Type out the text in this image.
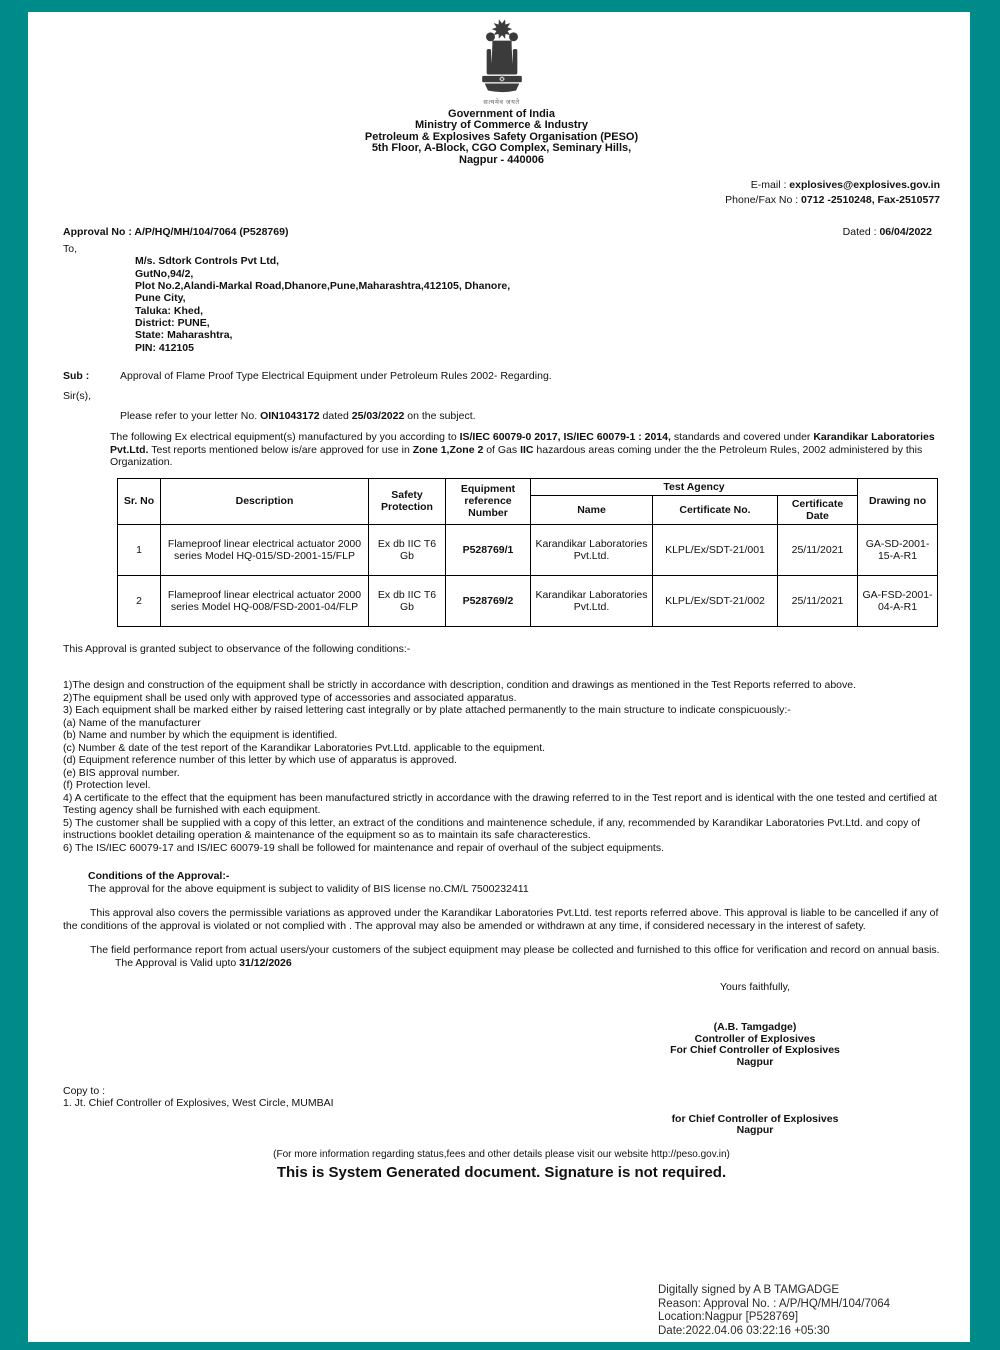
सत्यमेव जयते
Government of India
Ministry of Commerce & Industry
Petroleum & Explosives Safety Organisation (PESO)
5th Floor, A-Block, CGO Complex, Seminary Hills,
Nagpur - 440006
E-mail : explosives@explosives.gov.in
Phone/Fax No : 0712 -2510248, Fax-2510577
Approval No : A/P/HQ/MH/104/7064 (P528769)	Dated : 06/04/2022
To,
M/s. Sdtork Controls Pvt Ltd,
GutNo,94/2,
Plot No.2,Alandi-Markal Road,Dhanore,Pune,Maharashtra,412105, Dhanore,
Pune City,
Taluka: Khed,
District: PUNE,
State: Maharashtra,
PIN: 412105
Sub :	Approval of Flame Proof Type Electrical Equipment under Petroleum Rules 2002- Regarding.
Sir(s),
Please refer to your letter No. OIN1043172 dated 25/03/2022 on the subject.
The following Ex electrical equipment(s) manufactured by you according to IS/IEC 60079-0 2017, IS/IEC 60079-1 : 2014, standards and covered under Karandikar Laboratories Pvt.Ltd. Test reports mentioned below is/are approved for use in Zone 1,Zone 2 of Gas IIC hazardous areas coming under the the Petroleum Rules, 2002 administered by this Organization.
Sr. No	Description	Safety Protection	Equipment reference Number	Test Agency			Drawing no
				Name	Certificate No.	Certificate Date	
1	Flameproof linear electrical actuator 2000 series Model HQ-015/SD-2001-15/FLP	Ex db IIC T6 Gb	P528769/1	Karandikar Laboratories Pvt.Ltd.	KLPL/Ex/SDT-21/001	25/11/2021	GA-SD-2001-15-A-R1
2	Flameproof linear electrical actuator 2000 series Model HQ-008/FSD-2001-04/FLP	Ex db IIC T6 Gb	P528769/2	Karandikar Laboratories Pvt.Ltd.	KLPL/Ex/SDT-21/002	25/11/2021	GA-FSD-2001-04-A-R1
This Approval is granted subject to observance of the following conditions:-

1)The design and construction of the equipment shall be strictly in accordance with description, condition and drawings as mentioned in the Test Reports referred to above.

2)The equipment shall be used only with approved type of accessories and associated apparatus.

3) Each equipment shall be marked either by raised lettering cast integrally or by plate attached permanently to the main structure to indicate conspicuously:-

(a) Name of the manufacturer

(b) Name and number by which the equipment is identified.

(c) Number & date of the test report of the Karandikar Laboratories Pvt.Ltd. applicable to the equipment.

(d) Equipment reference number of this letter by which use of apparatus is approved.

(e) BIS approval number.

(f) Protection level.

4) A certificate to the effect that the equipment has been manufactured strictly in accordance with the drawing referred to in the Test report and is identical with the one tested and certified at Testing agency shall be furnished with each equipment.

5) The customer shall be supplied with a copy of this letter, an extract of the conditions and maintenence schedule, if any, recommended by Karandikar Laboratories Pvt.Ltd. and copy of instructions booklet detailing operation & maintenance of the equipment so as to maintain its safe characterestics.

6) The IS/IEC 60079-17 and IS/IEC 60079-19 shall be followed for maintenance and repair of overhaul of the subject equipments.

Conditions of the Approval:-
The approval for the above equipment is subject to validity of BIS license no.CM/L 7500232411

This approval also covers the permissible variations as approved under the Karandikar Laboratories Pvt.Ltd. test reports referred above. This approval is liable to be cancelled if any of the conditions of the approval is violated or not complied with . The approval may also be amended or withdrawn at any time, if considered necessary in the interest of safety.

The field performance report from actual users/your customers of the subject equipment may please be collected and furnished to this office for verification and record on annual basis.

The Approval is Valid upto 31/12/2026
Yours faithfully,
(A.B. Tamgadge)
Controller of Explosives
For Chief Controller of Explosives
Nagpur
Copy to :
1. Jt. Chief Controller of Explosives, West Circle, MUMBAI
for Chief Controller of Explosives
Nagpur
(For more information regarding status,fees and other details please visit our website http://peso.gov.in)
This is System Generated document. Signature is not required.
Digitally signed by A B TAMGADGE
Reason: Approval No. : A/P/HQ/MH/104/7064
Location:Nagpur [P528769]
Date:2022.04.06 03:22:16 +05:30
